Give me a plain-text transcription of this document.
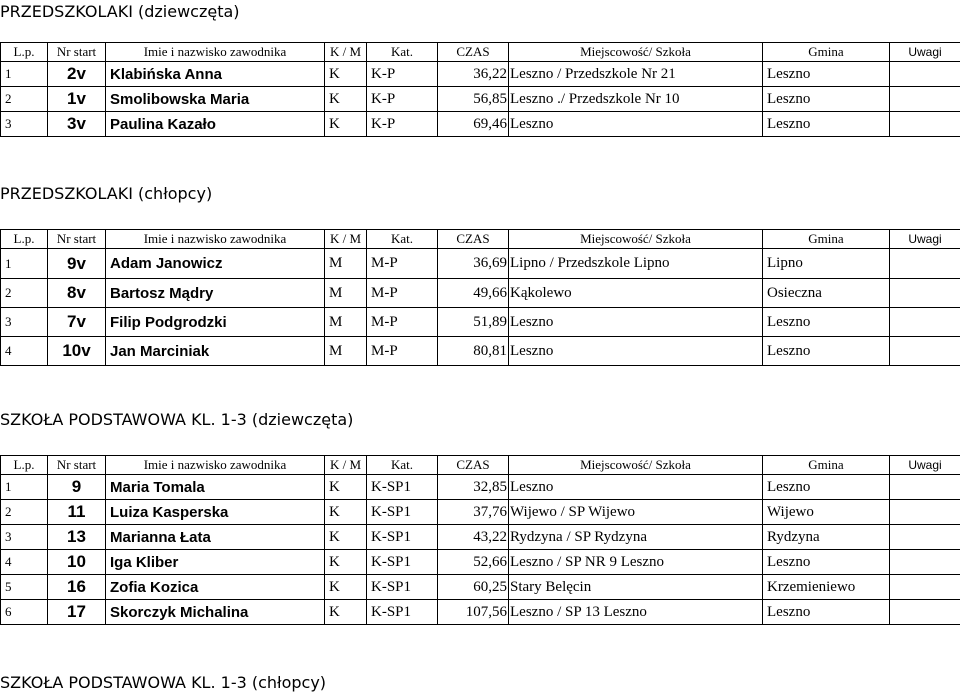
PRZEDSZKOLAKI (dziewczęta)
L.p.	Nr start	Imie i nazwisko zawodnika	K / M	Kat.	CZAS	Miejscowość/ Szkoła	Gmina	Uwagi
1	2v	Klabińska Anna	K	K-P	36,22	Leszno / Przedszkole Nr 21	Leszno	
2	1v	Smolibowska Maria	K	K-P	56,85	Leszno ./ Przedszkole Nr 10	Leszno	
3	3v	Paulina Kazało	K	K-P	69,46	Leszno	Leszno	
PRZEDSZKOLAKI (chłopcy)
L.p.	Nr start	Imie i nazwisko zawodnika	K / M	Kat.	CZAS	Miejscowość/ Szkoła	Gmina	Uwagi
1	9v	Adam Janowicz	M	M-P	36,69	Lipno / Przedszkole Lipno	Lipno	
2	8v	Bartosz Mądry	M	M-P	49,66	Kąkolewo	Osieczna	
3	7v	Filip Podgrodzki	M	M-P	51,89	Leszno	Leszno	
4	10v	Jan Marciniak	M	M-P	80,81	Leszno	Leszno	
SZKOŁA PODSTAWOWA KL. 1-3 (dziewczęta)
L.p.	Nr start	Imie i nazwisko zawodnika	K / M	Kat.	CZAS	Miejscowość/ Szkoła	Gmina	Uwagi
1	9	Maria Tomala	K	K-SP1	32,85	Leszno	Leszno	
2	11	Luiza Kasperska	K	K-SP1	37,76	Wijewo / SP Wijewo	Wijewo	
3	13	Marianna Łata	K	K-SP1	43,22	Rydzyna / SP Rydzyna	Rydzyna	
4	10	Iga Kliber	K	K-SP1	52,66	Leszno / SP NR 9 Leszno	Leszno	
5	16	Zofia Kozica	K	K-SP1	60,25	Stary Belęcin	Krzemieniewo	
6	17	Skorczyk Michalina	K	K-SP1	107,56	Leszno / SP 13 Leszno	Leszno	
SZKOŁA PODSTAWOWA KL. 1-3 (chłopcy)
